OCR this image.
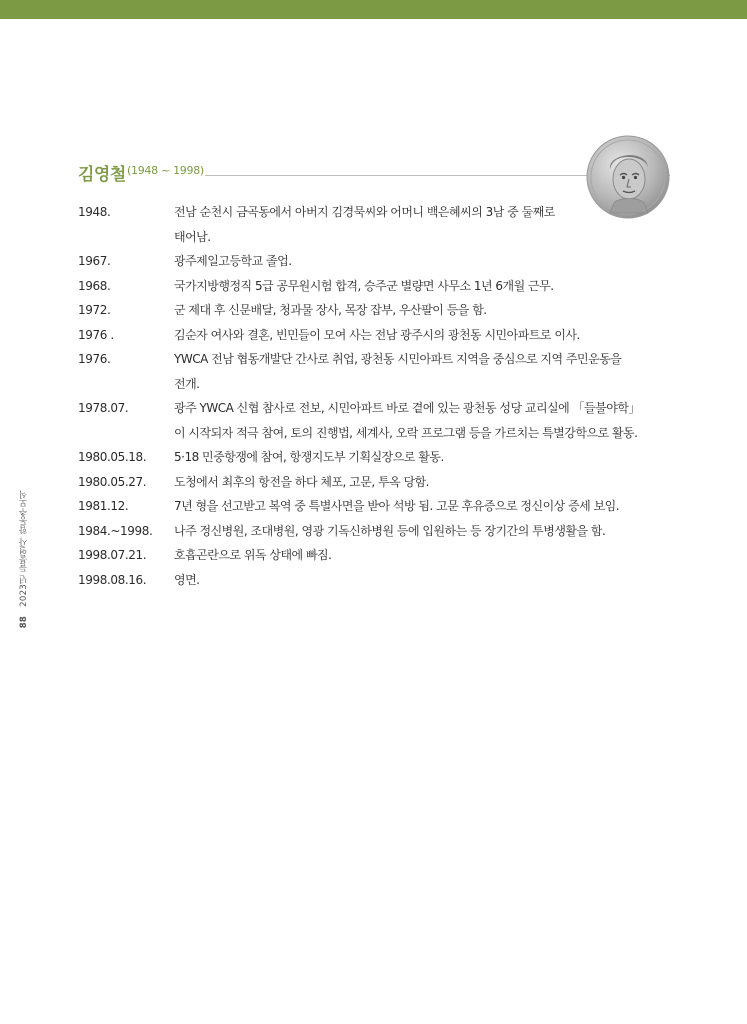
88 2023년 들불열사 합동추모식
김영철 (1948 ~ 1998)
1948.	전남 순천시 금곡동에서 아버지 김경묵씨와 어머니 백은혜씨의 3남 중 둘째로 태어남.
1967.	광주제일고등학교 졸업.
1968.	국가지방행정직 5급 공무원시험 합격, 승주군 별량면 사무소 1년 6개월 근무.
1972.	군 제대 후 신문배달, 청과물 장사, 목장 잡부, 우산팔이 등을 함.
1976 .	김순자 여사와 결혼, 빈민들이 모여 사는 전남 광주시의 광천동 시민아파트로 이사.
1976.	YWCA 전남 협동개발단 간사로 취업, 광천동 시민아파트 지역을 중심으로 지역 주민운동을 전개.
1978.07.	광주 YWCA 신협 참사로 전보, 시민아파트 바로 곁에 있는 광천동 성당 교리실에 「들불야학」이 시작되자 적극 참여, 토의 진행법, 세계사, 오락 프로그램 등을 가르치는 특별강학으로 활동.
1980.05.18.	5·18 민중항쟁에 참여, 항쟁지도부 기획실장으로 활동.
1980.05.27.	도청에서 최후의 항전을 하다 체포, 고문, 투옥 당함.
1981.12.	7년 형을 선고받고 복역 중 특별사면을 받아 석방 됨. 고문 후유증으로 정신이상 증세 보임.
1984.~1998.	나주 정신병원, 조대병원, 영광 기독신하병원 등에 입원하는 등 장기간의 투병생활을 함.
1998.07.21.	호흡곤란으로 위독 상태에 빠짐.
1998.08.16.	영면.
